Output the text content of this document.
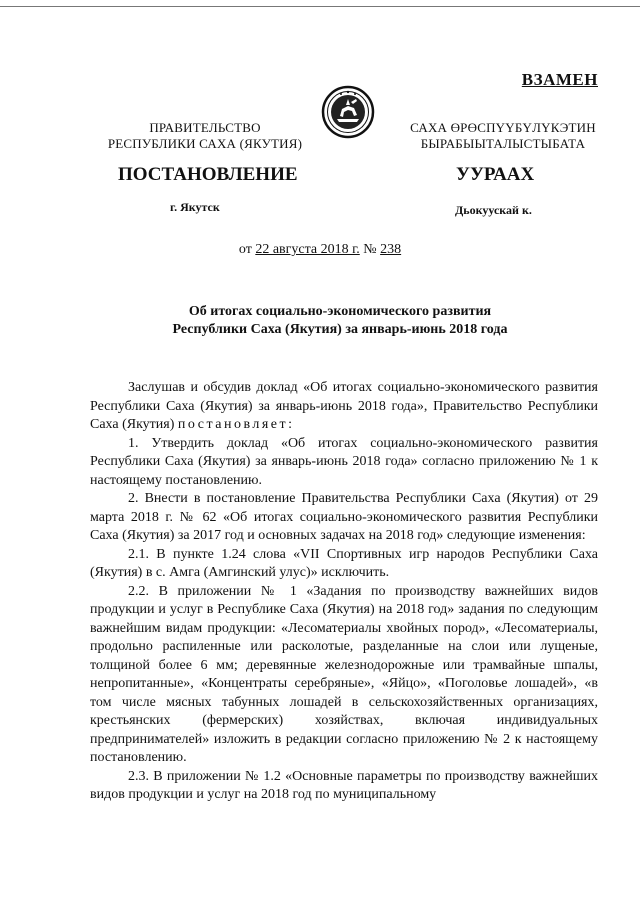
ВЗАМЕН
ПРАВИТЕЛЬСТВО
РЕСПУБЛИКИ САХА (ЯКУТИЯ)
САХА ӨРӨСПҮҮБҮЛҮКЭТИН
БЫРАБЫЫТАЛЫСТЫБАТА
ПОСТАНОВЛЕНИЕ	УУРААХ
г. Якутск	Дьокуускай к.
от 22 августа 2018 г. № 238
Об итогах социально-экономического развития
Республики Саха (Якутия) за январь-июнь 2018 года

Заслушав и обсудив доклад «Об итогах социально-экономического развития Республики Саха (Якутия) за январь-июнь 2018 года», Правительство Республики Саха (Якутия) постановляет:

1. Утвердить доклад «Об итогах социально-экономического развития Республики Саха (Якутия) за январь-июнь 2018 года» согласно приложению № 1 к настоящему постановлению.

2. Внести в постановление Правительства Республики Саха (Якутия) от 29 марта 2018 г. № 62 «Об итогах социально-экономического развития Республики Саха (Якутия) за 2017 год и основных задачах на 2018 год» следующие изменения:

2.1. В пункте 1.24 слова «VII Спортивных игр народов Республики Саха (Якутия) в с. Амга (Амгинский улус)» исключить.

2.2. В приложении № 1 «Задания по производству важнейших видов продукции и услуг в Республике Саха (Якутия) на 2018 год» задания по следующим важнейшим видам продукции: «Лесоматериалы хвойных пород», «Лесоматериалы, продольно распиленные или расколотые, разделанные на слои или лущеные, толщиной более 6 мм; деревянные железнодорожные или трамвайные шпалы, непропитанные», «Концентраты серебряные», «Яйцо», «Поголовье лошадей», «в том числе мясных табунных лошадей в сельскохозяйственных организациях, крестьянских (фермерских) хозяйствах, включая индивидуальных предпринимателей» изложить в редакции согласно приложению № 2 к настоящему постановлению.

2.3. В приложении № 1.2 «Основные параметры по производству важнейших видов продукции и услуг на 2018 год по муниципальному
